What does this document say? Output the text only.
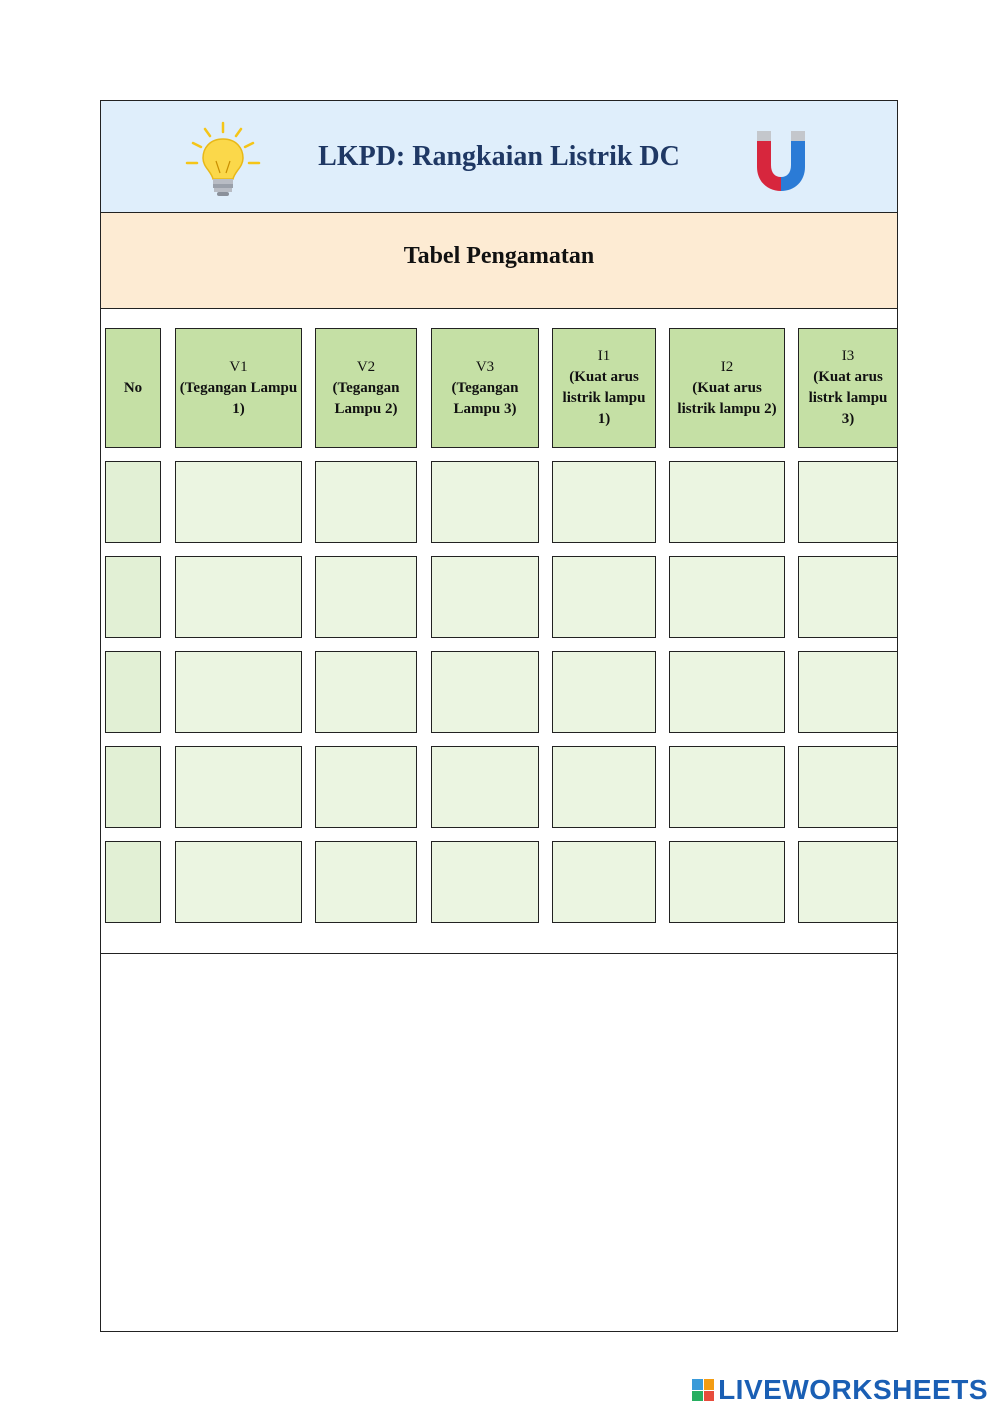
LKPD: Rangkaian Listrik DC
Tabel Pengamatan
No
V1
(Tegangan Lampu 1)
V2
(Tegangan Lampu 2)
V3
(Tegangan Lampu 3)
I1
(Kuat arus listrik lampu 1)
I2
(Kuat arus listrik lampu 2)
I3
(Kuat arus listrk lampu 3)
LIVEWORKSHEETS
